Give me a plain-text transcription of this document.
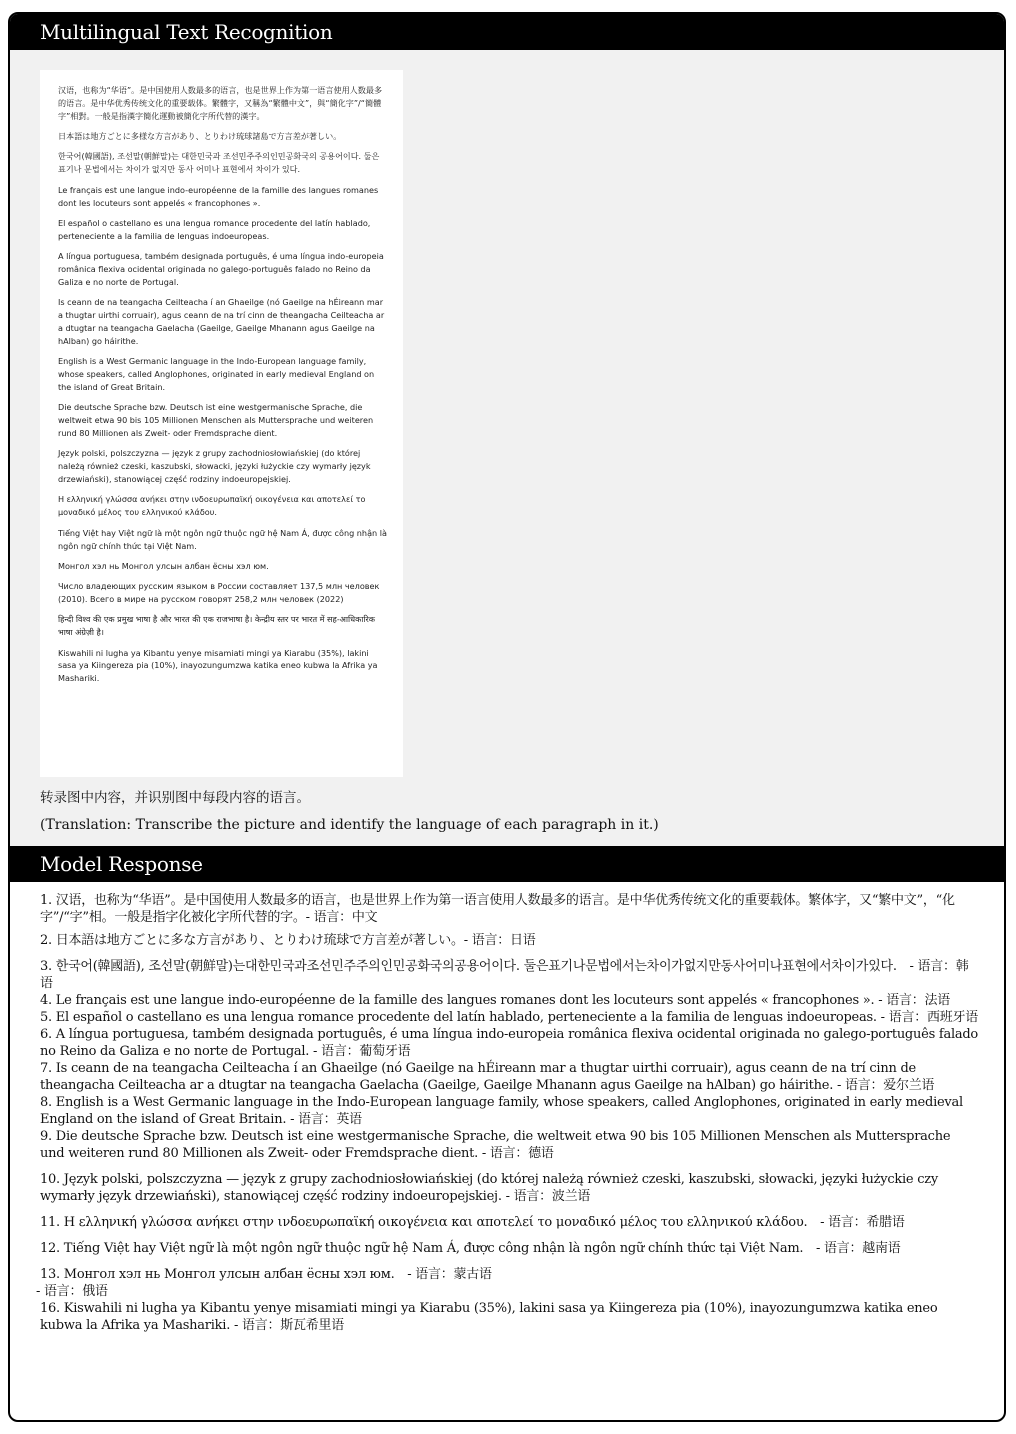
Multilingual Text Recognition

汉语，也称为“华语”。是中国使用人数最多的语言，也是世界上作为第一语言使用人数最多的语言。是中华优秀传统文化的重要载体。繁體字，又稱為“繁體中文”，與“簡化字”/“簡體字”相對。一般是指漢字簡化運動被簡化字所代替的漢字。

日本語は地方ごとに多様な方言があり、とりわけ琉球諸島で方言差が著しい。

한국어(韓國語), 조선말(朝鮮말)는 대한민국과 조선민주주의인민공화국의 공용어이다. 둘은 표기나 문법에서는 차이가 없지만 동사 어미나 표현에서 차이가 있다.

Le français est une langue indo-européenne de la famille des langues romanes dont les locuteurs sont appelés « francophones ».

El español o castellano es una lengua romance procedente del latín hablado, perteneciente a la familia de lenguas indoeuropeas.

A língua portuguesa, também designada português, é uma língua indo-europeia românica flexiva ocidental originada no galego-português falado no Reino da Galiza e no norte de Portugal.

Is ceann de na teangacha Ceilteacha í an Ghaeilge (nó Gaeilge na hÉireann mar a thugtar uirthi corruair), agus ceann de na trí cinn de theangacha Ceilteacha ar a dtugtar na teangacha Gaelacha (Gaeilge, Gaeilge Mhanann agus Gaeilge na hAlban) go háirithe.

English is a West Germanic language in the Indo-European language family, whose speakers, called Anglophones, originated in early medieval England on the island of Great Britain.

Die deutsche Sprache bzw. Deutsch ist eine westgermanische Sprache, die weltweit etwa 90 bis 105 Millionen Menschen als Muttersprache und weiteren rund 80 Millionen als Zweit- oder Fremdsprache dient.

Język polski, polszczyzna — język z grupy zachodniosłowiańskiej (do której należą również czeski, kaszubski, słowacki, języki łużyckie czy wymarły język drzewiański), stanowiącej część rodziny indoeuropejskiej.

Η ελληνική γλώσσα ανήκει στην ινδοευρωπαϊκή οικογένεια και αποτελεί το μοναδικό μέλος του ελληνικού κλάδου.

Tiếng Việt hay Việt ngữ là một ngôn ngữ thuộc ngữ hệ Nam Á, được công nhận là ngôn ngữ chính thức tại Việt Nam.

Монгол хэл нь Монгол улсын албан ёсны хэл юм.

Число владеющих русским языком в России составляет 137,5 млн человек (2010). Всего в мире на русском говорят 258,2 млн человек (2022)

हिन्दी विश्व की एक प्रमुख भाषा है और भारत की एक राजभाषा है। केन्द्रीय स्तर पर भारत में सह-आधिकारिक भाषा अंग्रेज़ी है।

Kiswahili ni lugha ya Kibantu yenye misamiati mingi ya Kiarabu (35%), lakini sasa ya Kiingereza pia (10%), inayozungumzwa katika eneo kubwa la Afrika ya Mashariki.

转录图中内容，并识别图中每段内容的语言。
(Translation: Transcribe the picture and identify the language of each paragraph in it.)
Model Response

1. 汉语，也称为“华语”。是中国使用人数最多的语言，也是世界上作为第一语言使用人数最多的语言。是中华优秀传统文化的重要载体。繁体字，又“繁中文”，“化字”/“字”相。一般是指字化被化字所代替的字。- 语言：中文

2. 日本語は地方ごとに多な方言があり、とりわけ琉球で方言差が著しい。- 语言：日语

3. 한국어(韓國語), 조선말(朝鮮말)는대한민국과조선민주주의인민공화국의공용어이다. 둘은표기나문법에서는차이가없지만동사어미나표현에서차이가있다.　- 语言：韩语

4. Le français est une langue indo-européenne de la famille des langues romanes dont les locuteurs sont appelés « francophones ». - 语言：法语

5. El español o castellano es una lengua romance procedente del latín hablado, perteneciente a la familia de lenguas indoeuropeas. - 语言：西班牙语

6. A língua portuguesa, também designada português, é uma língua indo-europeia românica flexiva ocidental originada no galego-português falado no Reino da Galiza e no norte de Portugal. - 语言：葡萄牙语

7. Is ceann de na teangacha Ceilteacha í an Ghaeilge (nó Gaeilge na hÉireann mar a thugtar uirthi corruair), agus ceann de na trí cinn de theangacha Ceilteacha ar a dtugtar na teangacha Gaelacha (Gaeilge, Gaeilge Mhanann agus Gaeilge na hAlban) go háirithe. - 语言：爱尔兰语

8. English is a West Germanic language in the Indo-European language family, whose speakers, called Anglophones, originated in early medieval England on the island of Great Britain. - 语言：英语

9. Die deutsche Sprache bzw. Deutsch ist eine westgermanische Sprache, die weltweit etwa 90 bis 105 Millionen Menschen als Muttersprache und weiteren rund 80 Millionen als Zweit- oder Fremdsprache dient. - 语言：德语

10. Język polski, polszczyzna — język z grupy zachodniosłowiańskiej (do której należą również czeski, kaszubski, słowacki, języki łużyckie czy wymarły język drzewiański), stanowiącej część rodziny indoeuropejskiej. - 语言：波兰语

11. Η ελληνική γλώσσα ανήκει στην ινδοευρωπαϊκή οικογένεια και αποτελεί το μοναδικό μέλος του ελληνικού κλάδου.　- 语言：希腊语

12. Tiếng Việt hay Việt ngữ là một ngôn ngữ thuộc ngữ hệ Nam Á, được công nhận là ngôn ngữ chính thức tại Việt Nam.　- 语言：越南语

13. Монгол хэл нь Монгол улсын албан ёсны хэл юм.　- 语言：蒙古语

- 语言：俄语

16. Kiswahili ni lugha ya Kibantu yenye misamiati mingi ya Kiarabu (35%), lakini sasa ya Kiingereza pia (10%), inayozungumzwa katika eneo kubwa la Afrika ya Mashariki. - 语言：斯瓦希里语
